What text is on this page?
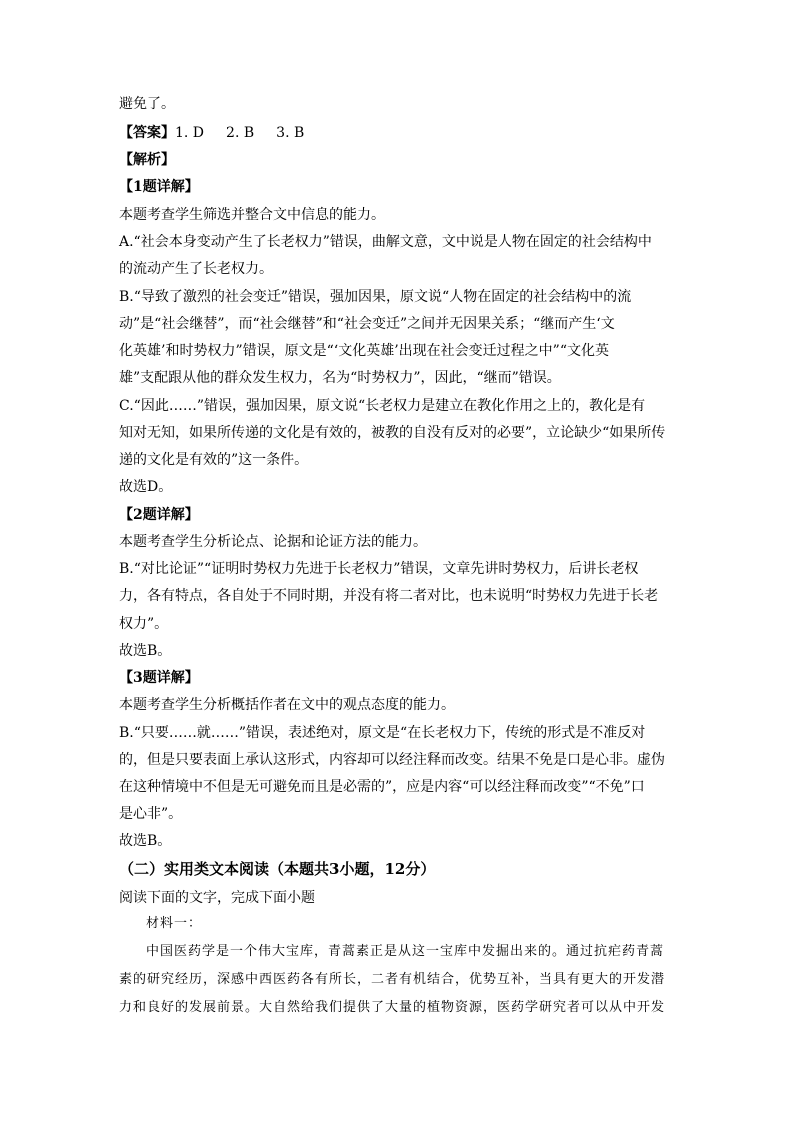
避免了。
【答案】1. D 2. B 3. B
【解析】
【1题详解】
本题考查学生筛选并整合文中信息的能力。
A.“社会本身变动产生了长老权力”错误，曲解文意，文中说是人物在固定的社会结构中
的流动产生了长老权力。
B.“导致了激烈的社会变迁”错误，强加因果，原文说“人物在固定的社会结构中的流
动”是“社会继替”，而“社会继替”和“社会变迁”之间并无因果关系；“继而产生‘文
化英雄’和时势权力”错误，原文是“‘文化英雄’出现在社会变迁过程之中”“文化英
雄”支配跟从他的群众发生权力，名为“时势权力”，因此，“继而”错误。
C.“因此……”错误，强加因果，原文说“长老权力是建立在教化作用之上的，教化是有
知对无知，如果所传递的文化是有效的，被教的自没有反对的必要”，立论缺少“如果所传
递的文化是有效的”这一条件。
故选D。
【2题详解】
本题考查学生分析论点、论据和论证方法的能力。
B.“对比论证”“证明时势权力先进于长老权力”错误，文章先讲时势权力，后讲长老权
力，各有特点，各自处于不同时期，并没有将二者对比，也未说明“时势权力先进于长老
权力”。
故选B。
【3题详解】
本题考查学生分析概括作者在文中的观点态度的能力。
B.“只要……就……”错误，表述绝对，原文是“在长老权力下，传统的形式是不准反对
的，但是只要表面上承认这形式，内容却可以经注释而改变。结果不免是口是心非。虚伪
在这种情境中不但是无可避免而且是必需的”，应是内容“可以经注释而改变”“不免”口
是心非”。
故选B。
（二）实用类文本阅读（本题共3小题，12分）
阅读下面的文字，完成下面小题
材料一：
中国医药学是一个伟大宝库，青蒿素正是从这一宝库中发掘出来的。通过抗疟药青蒿
素的研究经历，深感中西医药各有所长，二者有机结合，优势互补，当具有更大的开发潜
力和良好的发展前景。大自然给我们提供了大量的植物资源，医药学研究者可以从中开发
